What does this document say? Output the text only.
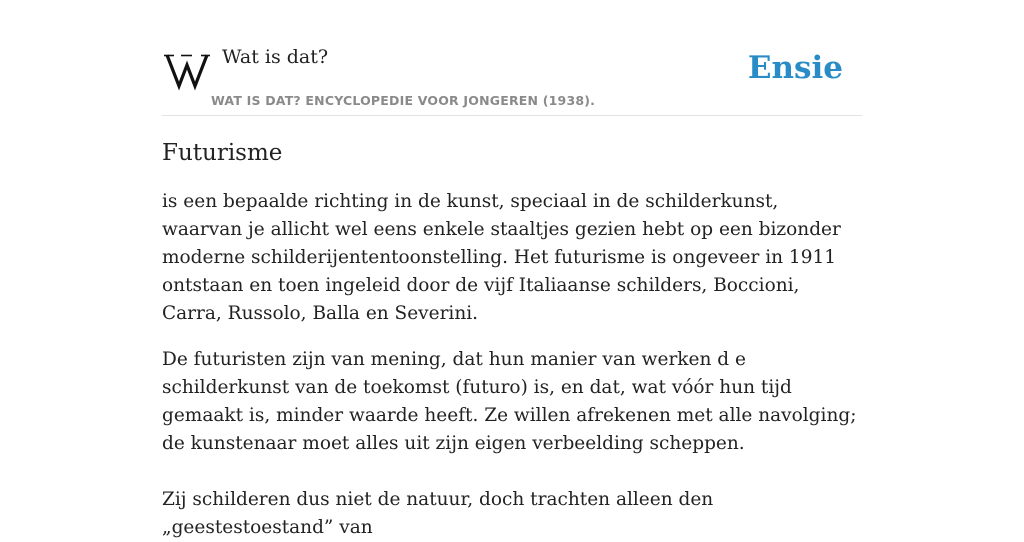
Wat is dat?
WAT IS DAT? ENCYCLOPEDIE VOOR JONGEREN (1938).
Ensie
Futurisme

is een bepaalde richting in de kunst, speciaal in de schilderkunst, waarvan je allicht wel eens enkele staaltjes gezien hebt op een bizonder moderne schilderijententoonstelling. Het futurisme is ongeveer in 1911 ontstaan en toen ingeleid door de vijf Italiaanse schilders, Boccioni, Carra, Russolo, Balla en Severini.

De futuristen zijn van mening, dat hun manier van werken d e schilderkunst van de toekomst (futuro) is, en dat, wat vóór hun tijd gemaakt is, minder waarde heeft. Ze willen afrekenen met alle navolging; de kunstenaar moet alles uit zijn eigen verbeelding scheppen.

Zij schilderen dus niet de natuur, doch trachten alleen den „geestestoestand” van
